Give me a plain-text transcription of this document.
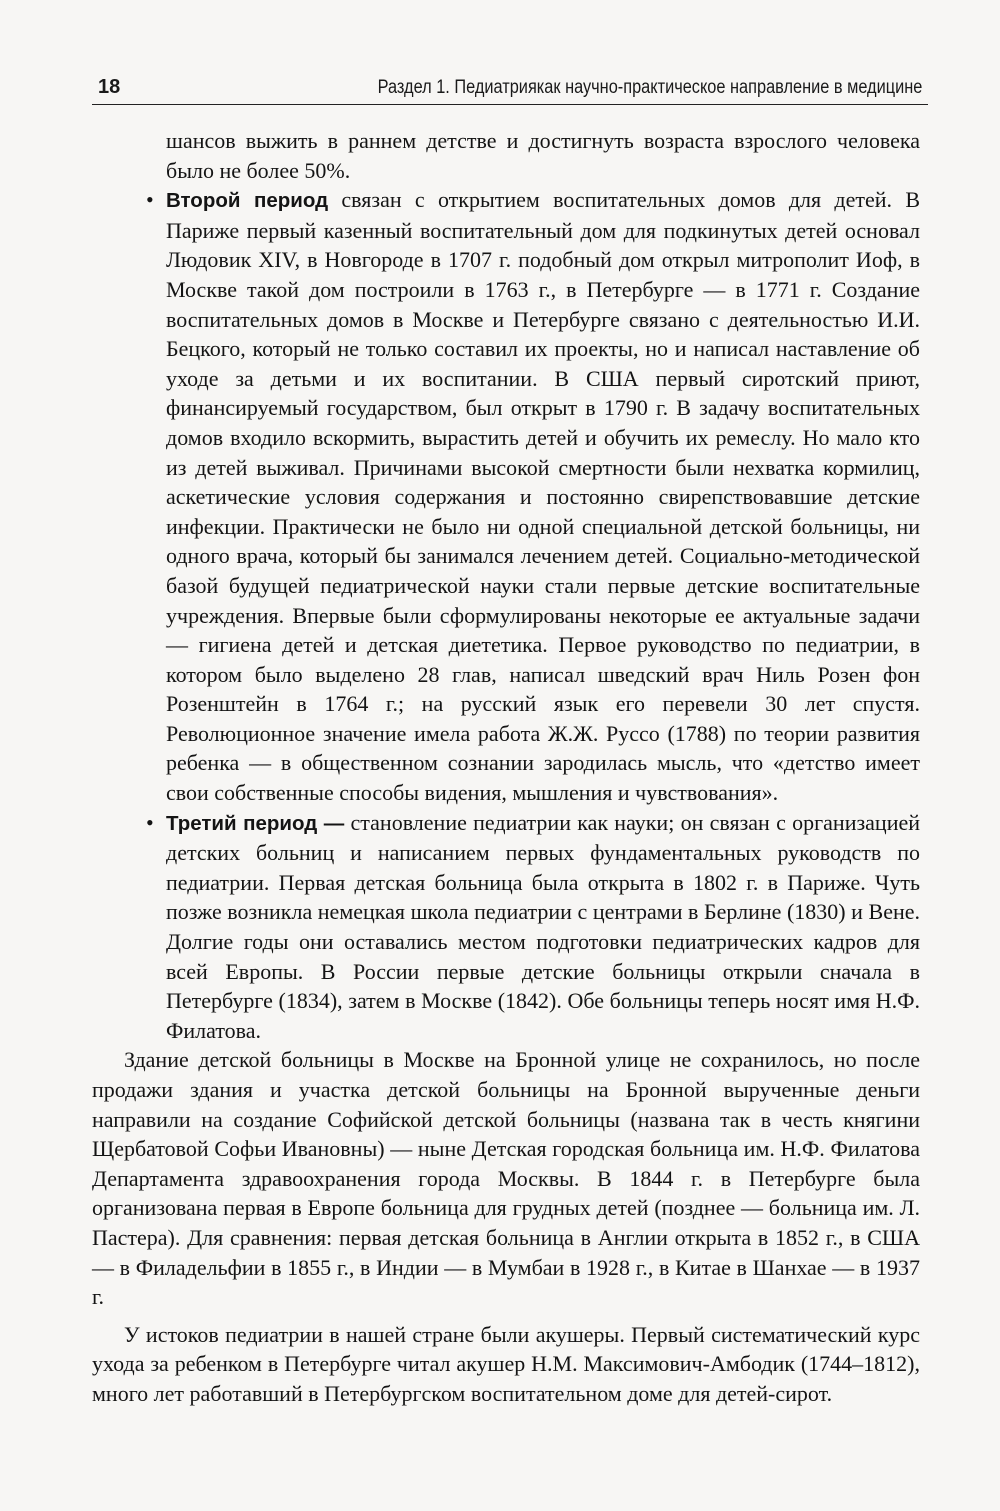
18	Раздел 1. Педиатриякак научно-практическое направление в медицине
шансов выжить в раннем детстве и достигнуть возраста взрослого человека было не более 50%.
• Второй период связан с открытием воспитательных домов для детей. В Париже первый казенный воспитательный дом для подкинутых детей основал Людовик XIV, в Новгороде в 1707 г. подобный дом открыл митрополит Иоф, в Москве такой дом построили в 1763 г., в Петербурге — в 1771 г. Создание воспитательных домов в Москве и Петербурге связано с деятельностью И.И. Бецкого, который не только составил их проекты, но и написал наставление об уходе за детьми и их воспитании. В США первый сиротский приют, финансируемый государством, был открыт в 1790 г. В задачу воспитательных домов входило вскормить, вырастить детей и обучить их ремеслу. Но мало кто из детей выживал. Причинами высокой смертности были нехватка кормилиц, аскетические условия содержания и постоянно свирепствовавшие детские инфекции. Практически не было ни одной специальной детской больницы, ни одного врача, который бы занимался лечением детей. Социально-методической базой будущей педиатрической науки стали первые детские воспитательные учреждения. Впервые были сформулированы некоторые ее актуальные задачи — гигиена детей и детская диететика. Первое руководство по педиатрии, в котором было выделено 28 глав, написал шведский врач Ниль Розен фон Розенштейн в 1764 г.; на русский язык его перевели 30 лет спустя. Революционное значение имела работа Ж.Ж. Руссо (1788) по теории развития ребенка — в общественном сознании зародилась мысль, что «детство имеет свои собственные способы видения, мышления и чувствования».
• Третий период — становление педиатрии как науки; он связан с организацией детских больниц и написанием первых фундаментальных руководств по педиатрии. Первая детская больница была открыта в 1802 г. в Париже. Чуть позже возникла немецкая школа педиатрии с центрами в Берлине (1830) и Вене. Долгие годы они оставались местом подготовки педиатрических кадров для всей Европы. В России первые детские больницы открыли сначала в Петербурге (1834), затем в Москве (1842). Обе больницы теперь носят имя Н.Ф. Филатова.

Здание детской больницы в Москве на Бронной улице не сохранилось, но после продажи здания и участка детской больницы на Бронной вырученные деньги направили на создание Софийской детской больницы (названа так в честь княгини Щербатовой Софьи Ивановны) — ныне Детская городская больница им. Н.Ф. Филатова Департамента здравоохранения города Москвы. В 1844 г. в Петербурге была организована первая в Европе больница для грудных детей (позднее — больница им. Л. Пастера). Для сравнения: первая детская больница в Англии открыта в 1852 г., в США — в Филадельфии в 1855 г., в Индии — в Мумбаи в 1928 г., в Китае в Шанхае — в 1937 г.

У истоков педиатрии в нашей стране были акушеры. Первый систематический курс ухода за ребенком в Петербурге читал акушер Н.М. Максимович-Амбодик (1744–1812), много лет работавший в Петербургском воспитательном доме для детей-сирот.
